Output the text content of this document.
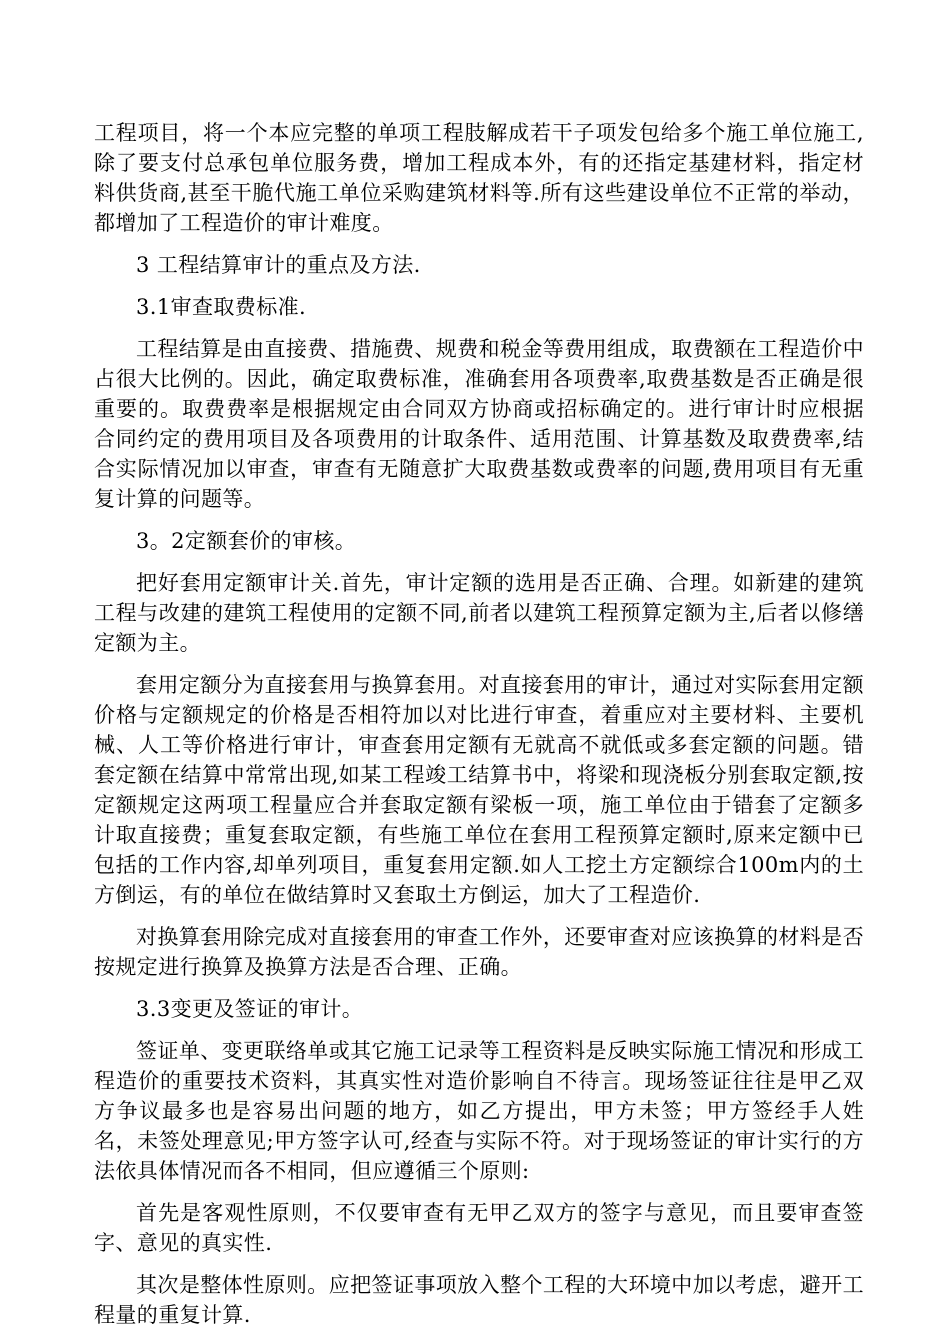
工程项目，将一个本应完整的单项工程肢解成若干子项发包给多个施工单位施工,除了要支付总承包单位服务费，增加工程成本外，有的还指定基建材料，指定材料供货商,甚至干脆代施工单位采购建筑材料等.所有这些建设单位不正常的举动，都增加了工程造价的审计难度。

3 工程结算审计的重点及方法.

3.1审查取费标准.

工程结算是由直接费、措施费、规费和税金等费用组成，取费额在工程造价中占很大比例的。因此，确定取费标准，准确套用各项费率,取费基数是否正确是很重要的。取费费率是根据规定由合同双方协商或招标确定的。进行审计时应根据合同约定的费用项目及各项费用的计取条件、适用范围、计算基数及取费费率,结合实际情况加以审查，审查有无随意扩大取费基数或费率的问题,费用项目有无重复计算的问题等。

3。2定额套价的审核。

把好套用定额审计关.首先，审计定额的选用是否正确、合理。如新建的建筑工程与改建的建筑工程使用的定额不同,前者以建筑工程预算定额为主,后者以修缮定额为主。

套用定额分为直接套用与换算套用。对直接套用的审计，通过对实际套用定额价格与定额规定的价格是否相符加以对比进行审查，着重应对主要材料、主要机械、人工等价格进行审计，审查套用定额有无就高不就低或多套定额的问题。错套定额在结算中常常出现,如某工程竣工结算书中，将梁和现浇板分别套取定额,按定额规定这两项工程量应合并套取定额有梁板一项，施工单位由于错套了定额多计取直接费；重复套取定额，有些施工单位在套用工程预算定额时,原来定额中已包括的工作内容,却单列项目，重复套用定额.如人工挖土方定额综合100m内的土方倒运，有的单位在做结算时又套取土方倒运，加大了工程造价.

对换算套用除完成对直接套用的审查工作外，还要审查对应该换算的材料是否按规定进行换算及换算方法是否合理、正确。

3.3变更及签证的审计。

签证单、变更联络单或其它施工记录等工程资料是反映实际施工情况和形成工程造价的重要技术资料，其真实性对造价影响自不待言。现场签证往往是甲乙双方争议最多也是容易出问题的地方，如乙方提出，甲方未签；甲方签经手人姓名，未签处理意见;甲方签字认可,经查与实际不符。对于现场签证的审计实行的方法依具体情况而各不相同，但应遵循三个原则:

首先是客观性原则，不仅要审查有无甲乙双方的签字与意见，而且要审查签字、意见的真实性.

其次是整体性原则。应把签证事项放入整个工程的大环境中加以考虑，避开工程量的重复计算.
